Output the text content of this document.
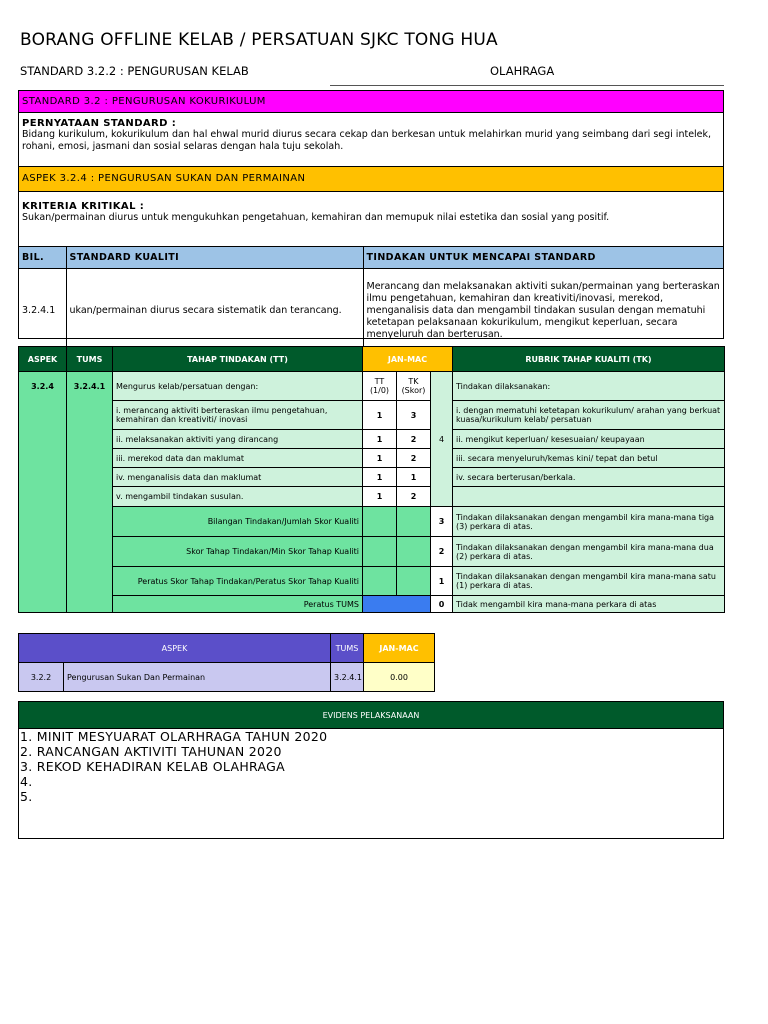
BORANG OFFLINE KELAB / PERSATUAN SJKC TONG HUA
STANDARD 3.2.2 : PENGURUSAN KELAB	OLAHRAGA
STANDARD 3.2 : PENGURUSAN KOKURIKULUM
PERNYATAAN STANDARD :
Bidang kurikulum, kokurikulum dan hal ehwal murid diurus secara cekap dan berkesan untuk melahirkan murid yang seimbang dari segi intelek, rohani, emosi, jasmani dan sosial selaras dengan hala tuju sekolah.
ASPEK 3.2.4 : PENGURUSAN SUKAN DAN PERMAINAN
KRITERIA KRITIKAL :
Sukan/permainan diurus untuk mengukuhkan pengetahuan, kemahiran dan memupuk nilai estetika dan sosial yang positif.
BIL.	STANDARD KUALITI	TINDAKAN UNTUK MENCAPAI STANDARD
3.2.4.1	ukan/permainan diurus secara sistematik dan terancang.	Merancang dan melaksanakan aktiviti sukan/permainan yang berteraskan ilmu pengetahuan, kemahiran dan kreativiti/inovasi, merekod, menganalisis data dan mengambil tindakan susulan dengan mematuhi ketetapan pelaksanaan kokurikulum, mengikut keperluan, secara menyeluruh dan berterusan.
ASPEK	TUMS	TAHAP TINDAKAN (TT)	JAN-MAC			RUBRIK TAHAP KUALITI (TK)
3.2.4	3.2.4.1	Mengurus kelab/persatuan dengan:	TT (1/0)	TK (Skor)	4	Tindakan dilaksanakan:
		i. merancang aktiviti berteraskan ilmu pengetahuan, kemahiran dan kreativiti/ inovasi	1	3		i. dengan mematuhi ketetapan kokurikulum/ arahan yang berkuat kuasa/kurikulum kelab/ persatuan
		ii. melaksanakan aktiviti yang dirancang	1	2		ii. mengikut keperluan/ kesesuaian/ keupayaan
		iii. merekod data dan maklumat	1	2		iii. secara menyeluruh/kemas kini/ tepat dan betul
		iv. menganalisis data dan maklumat	1	1		iv. secara berterusan/berkala.
		v. mengambil tindakan susulan.	1	2		
		Bilangan Tindakan/Jumlah Skor Kualiti			3	Tindakan dilaksanakan dengan mengambil kira mana-mana tiga (3) perkara di atas.
		Skor Tahap Tindakan/Min Skor Tahap Kualiti			2	Tindakan dilaksanakan dengan mengambil kira mana-mana dua (2) perkara di atas.
		Peratus Skor Tahap Tindakan/Peratus Skor Tahap Kualiti			1	Tindakan dilaksanakan dengan mengambil kira mana-mana satu (1) perkara di atas.
		Peratus TUMS			0	Tidak mengambil kira mana-mana perkara di atas
ASPEK		TUMS	JAN-MAC
3.2.2	Pengurusan Sukan Dan Permainan	3.2.4.1	0.00
EVIDENS PELAKSANAAN
1. MINIT MESYUARAT OLARHRAGA TAHUN 2020
2. RANCANGAN AKTIVITI TAHUNAN 2020
3. REKOD KEHADIRAN KELAB OLAHRAGA
4.
5.
